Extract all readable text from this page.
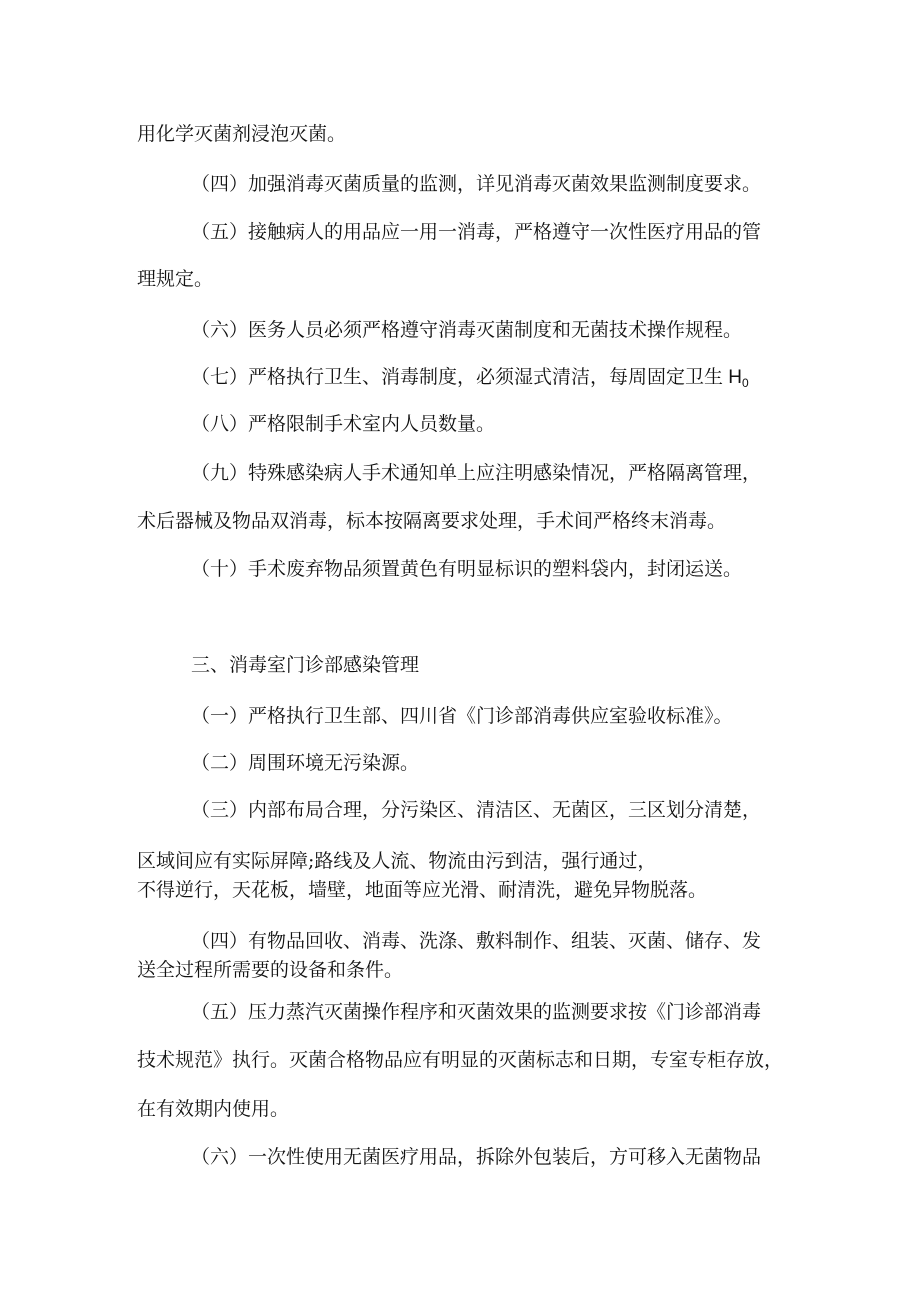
用化学灭菌剂浸泡灭菌。
（四）加强消毒灭菌质量的监测，详见消毒灭菌效果监测制度要求。
（五）接触病人的用品应一用一消毒，严格遵守一次性医疗用品的管
理规定。
（六）医务人员必须严格遵守消毒灭菌制度和无菌技术操作规程。
（七）严格执行卫生、消毒制度，必须湿式清洁，每周固定卫生 $H_0$
（八）严格限制手术室内人员数量。
（九）特殊感染病人手术通知单上应注明感染情况，严格隔离管理，
术后器械及物品双消毒，标本按隔离要求处理，手术间严格终末消毒。
（十）手术废弃物品须置黄色有明显标识的塑料袋内，封闭运送。
三、消毒室门诊部感染管理
（一）严格执行卫生部、四川省《门诊部消毒供应室验收标准》。
（二）周围环境无污染源。
（三）内部布局合理，分污染区、清洁区、无菌区，三区划分清楚，
区域间应有实际屏障;路线及人流、物流由污到洁，强行通过，
不得逆行，天花板，墙壁，地面等应光滑、耐清洗，避免异物脱落。
（四）有物品回收、消毒、洗涤、敷料制作、组装、灭菌、储存、发
送全过程所需要的设备和条件。
（五）压力蒸汽灭菌操作程序和灭菌效果的监测要求按《门诊部消毒
技术规范》执行。灭菌合格物品应有明显的灭菌标志和日期，专室专柜存放，
在有效期内使用。
（六）一次性使用无菌医疗用品，拆除外包装后，方可移入无菌物品
